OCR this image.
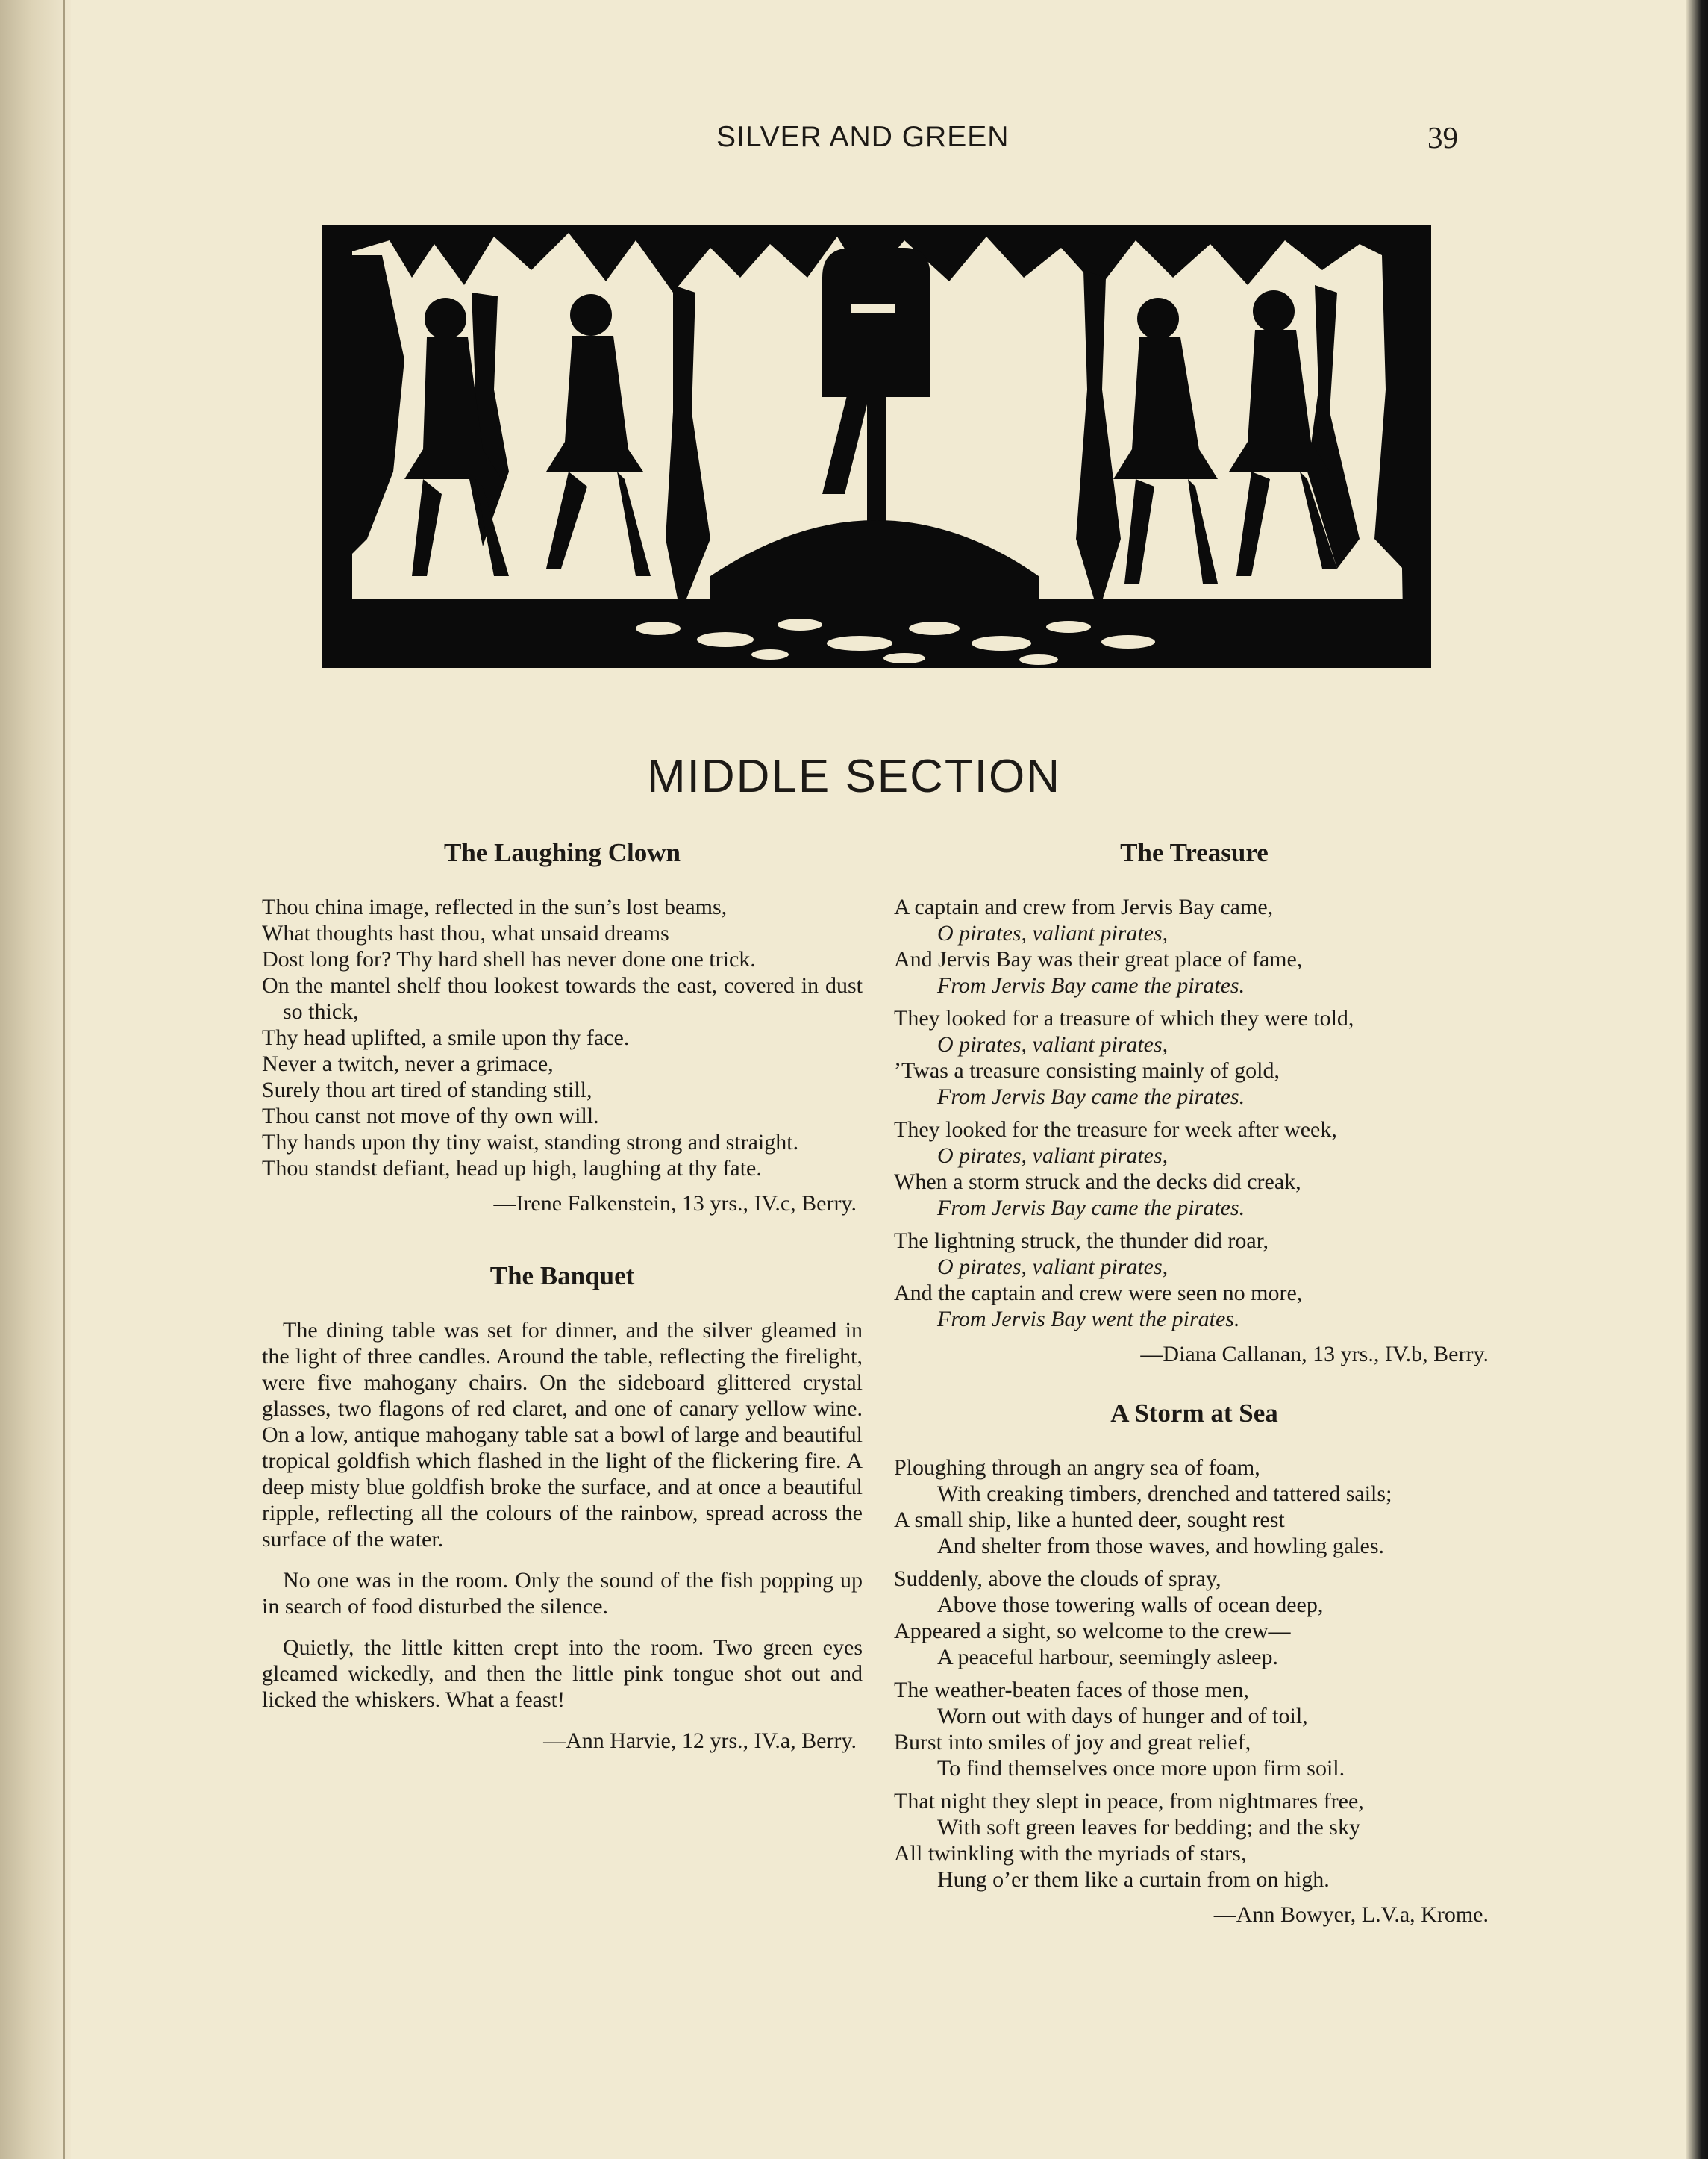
SILVER AND GREEN	39
MIDDLE SECTION
The Laughing Clown
Thou china image, reflected in the sun’s lost beams,
What thoughts hast thou, what unsaid dreams
Dost long for? Thy hard shell has never done one trick.
On the mantel shelf thou lookest towards the east, covered in dust so thick,
Thy head uplifted, a smile upon thy face.
Never a twitch, never a grimace,
Surely thou art tired of standing still,
Thou canst not move of thy own will.
Thy hands upon thy tiny waist, standing strong and straight.
Thou standst defiant, head up high, laughing at thy fate.
—Irene Falkenstein, 13 yrs., IV.c, Berry.
The Banquet

The dining table was set for dinner, and the silver gleamed in the light of three candles. Around the table, reflecting the firelight, were five mahogany chairs. On the sideboard glittered crystal glasses, two flagons of red claret, and one of canary yellow wine. On a low, antique mahogany table sat a bowl of large and beautiful tropical goldfish which flashed in the light of the flickering fire. A deep misty blue goldfish broke the surface, and at once a beautiful ripple, reflecting all the colours of the rainbow, spread across the surface of the water.

No one was in the room. Only the sound of the fish popping up in search of food disturbed the silence.

Quietly, the little kitten crept into the room. Two green eyes gleamed wickedly, and then the little pink tongue shot out and licked the whiskers. What a feast!

—Ann Harvie, 12 yrs., IV.a, Berry.
The Treasure
A captain and crew from Jervis Bay came,
O pirates, valiant pirates,
And Jervis Bay was their great place of fame,
From Jervis Bay came the pirates.
They looked for a treasure of which they were told,
O pirates, valiant pirates,
’Twas a treasure consisting mainly of gold,
From Jervis Bay came the pirates.
They looked for the treasure for week after week,
O pirates, valiant pirates,
When a storm struck and the decks did creak,
From Jervis Bay came the pirates.
The lightning struck, the thunder did roar,
O pirates, valiant pirates,
And the captain and crew were seen no more,
From Jervis Bay went the pirates.
—Diana Callanan, 13 yrs., IV.b, Berry.
A Storm at Sea
Ploughing through an angry sea of foam,
With creaking timbers, drenched and tattered sails;
A small ship, like a hunted deer, sought rest
And shelter from those waves, and howling gales.
Suddenly, above the clouds of spray,
Above those towering walls of ocean deep,
Appeared a sight, so welcome to the crew—
A peaceful harbour, seemingly asleep.
The weather-beaten faces of those men,
Worn out with days of hunger and of toil,
Burst into smiles of joy and great relief,
To find themselves once more upon firm soil.
That night they slept in peace, from nightmares free,
With soft green leaves for bedding; and the sky
All twinkling with the myriads of stars,
Hung o’er them like a curtain from on high.
—Ann Bowyer, L.V.a, Krome.
